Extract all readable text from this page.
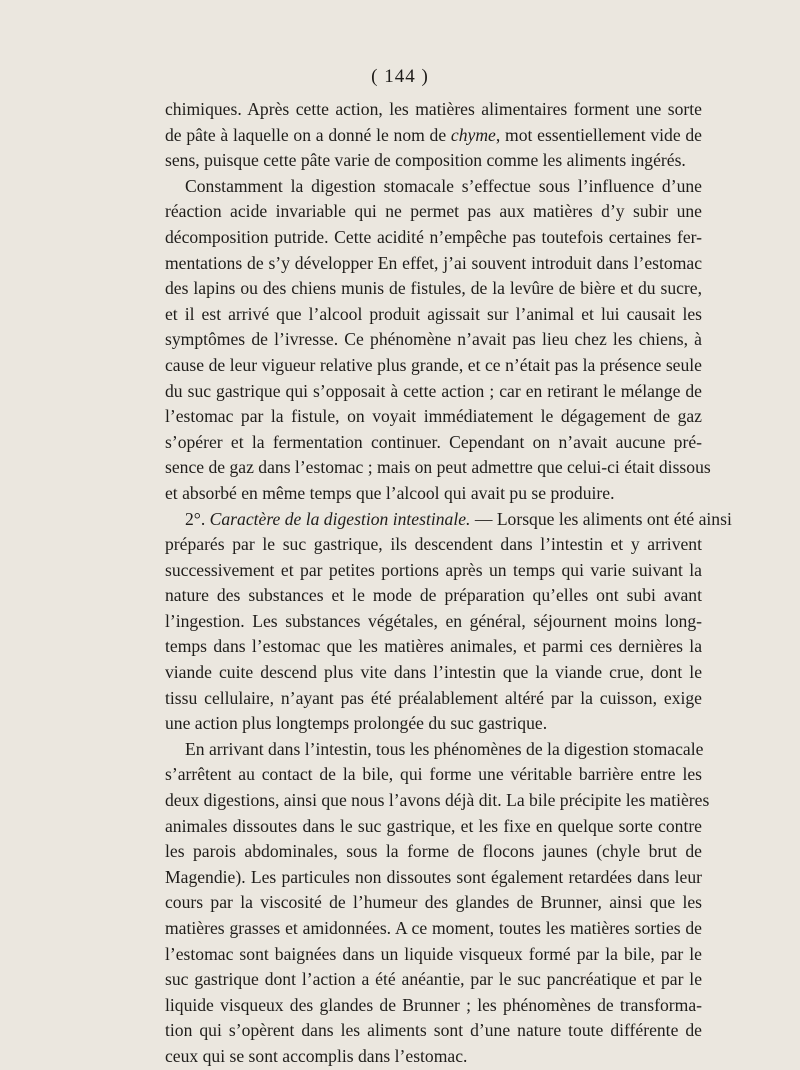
( 144 )
chimiques. Après cette action, les matières alimentaires forment une sorte
de pâte à laquelle on a donné le nom de chyme, mot essentiellement vide de
sens, puisque cette pâte varie de composition comme les aliments ingérés.
Constamment la digestion stomacale s’effectue sous l’influence d’une
réaction acide invariable qui ne permet pas aux matières d’y subir une
décomposition putride. Cette acidité n’empêche pas toutefois certaines fer-
mentations de s’y développer En effet, j’ai souvent introduit dans l’estomac
des lapins ou des chiens munis de fistules, de la levûre de bière et du sucre,
et il est arrivé que l’alcool produit agissait sur l’animal et lui causait les
symptômes de l’ivresse. Ce phénomène n’avait pas lieu chez les chiens, à
cause de leur vigueur relative plus grande, et ce n’était pas la présence seule
du suc gastrique qui s’opposait à cette action ; car en retirant le mélange de
l’estomac par la fistule, on voyait immédiatement le dégagement de gaz
s’opérer et la fermentation continuer. Cependant on n’avait aucune pré-
sence de gaz dans l’estomac ; mais on peut admettre que celui-ci était dissous
et absorbé en même temps que l’alcool qui avait pu se produire.
2°. Caractère de la digestion intestinale. — Lorsque les aliments ont été ainsi
préparés par le suc gastrique, ils descendent dans l’intestin et y arrivent
successivement et par petites portions après un temps qui varie suivant la
nature des substances et le mode de préparation qu’elles ont subi avant
l’ingestion. Les substances végétales, en général, séjournent moins long-
temps dans l’estomac que les matières animales, et parmi ces dernières la
viande cuite descend plus vite dans l’intestin que la viande crue, dont le
tissu cellulaire, n’ayant pas été préalablement altéré par la cuisson, exige
une action plus longtemps prolongée du suc gastrique.
En arrivant dans l’intestin, tous les phénomènes de la digestion stomacale
s’arrêtent au contact de la bile, qui forme une véritable barrière entre les
deux digestions, ainsi que nous l’avons déjà dit. La bile précipite les matières
animales dissoutes dans le suc gastrique, et les fixe en quelque sorte contre
les parois abdominales, sous la forme de flocons jaunes (chyle brut de
Magendie). Les particules non dissoutes sont également retardées dans leur
cours par la viscosité de l’humeur des glandes de Brunner, ainsi que les
matières grasses et amidonnées. A ce moment, toutes les matières sorties de
l’estomac sont baignées dans un liquide visqueux formé par la bile, par le
suc gastrique dont l’action a été anéantie, par le suc pancréatique et par le
liquide visqueux des glandes de Brunner ; les phénomènes de transforma-
tion qui s’opèrent dans les aliments sont d’une nature toute différente de
ceux qui se sont accomplis dans l’estomac.
